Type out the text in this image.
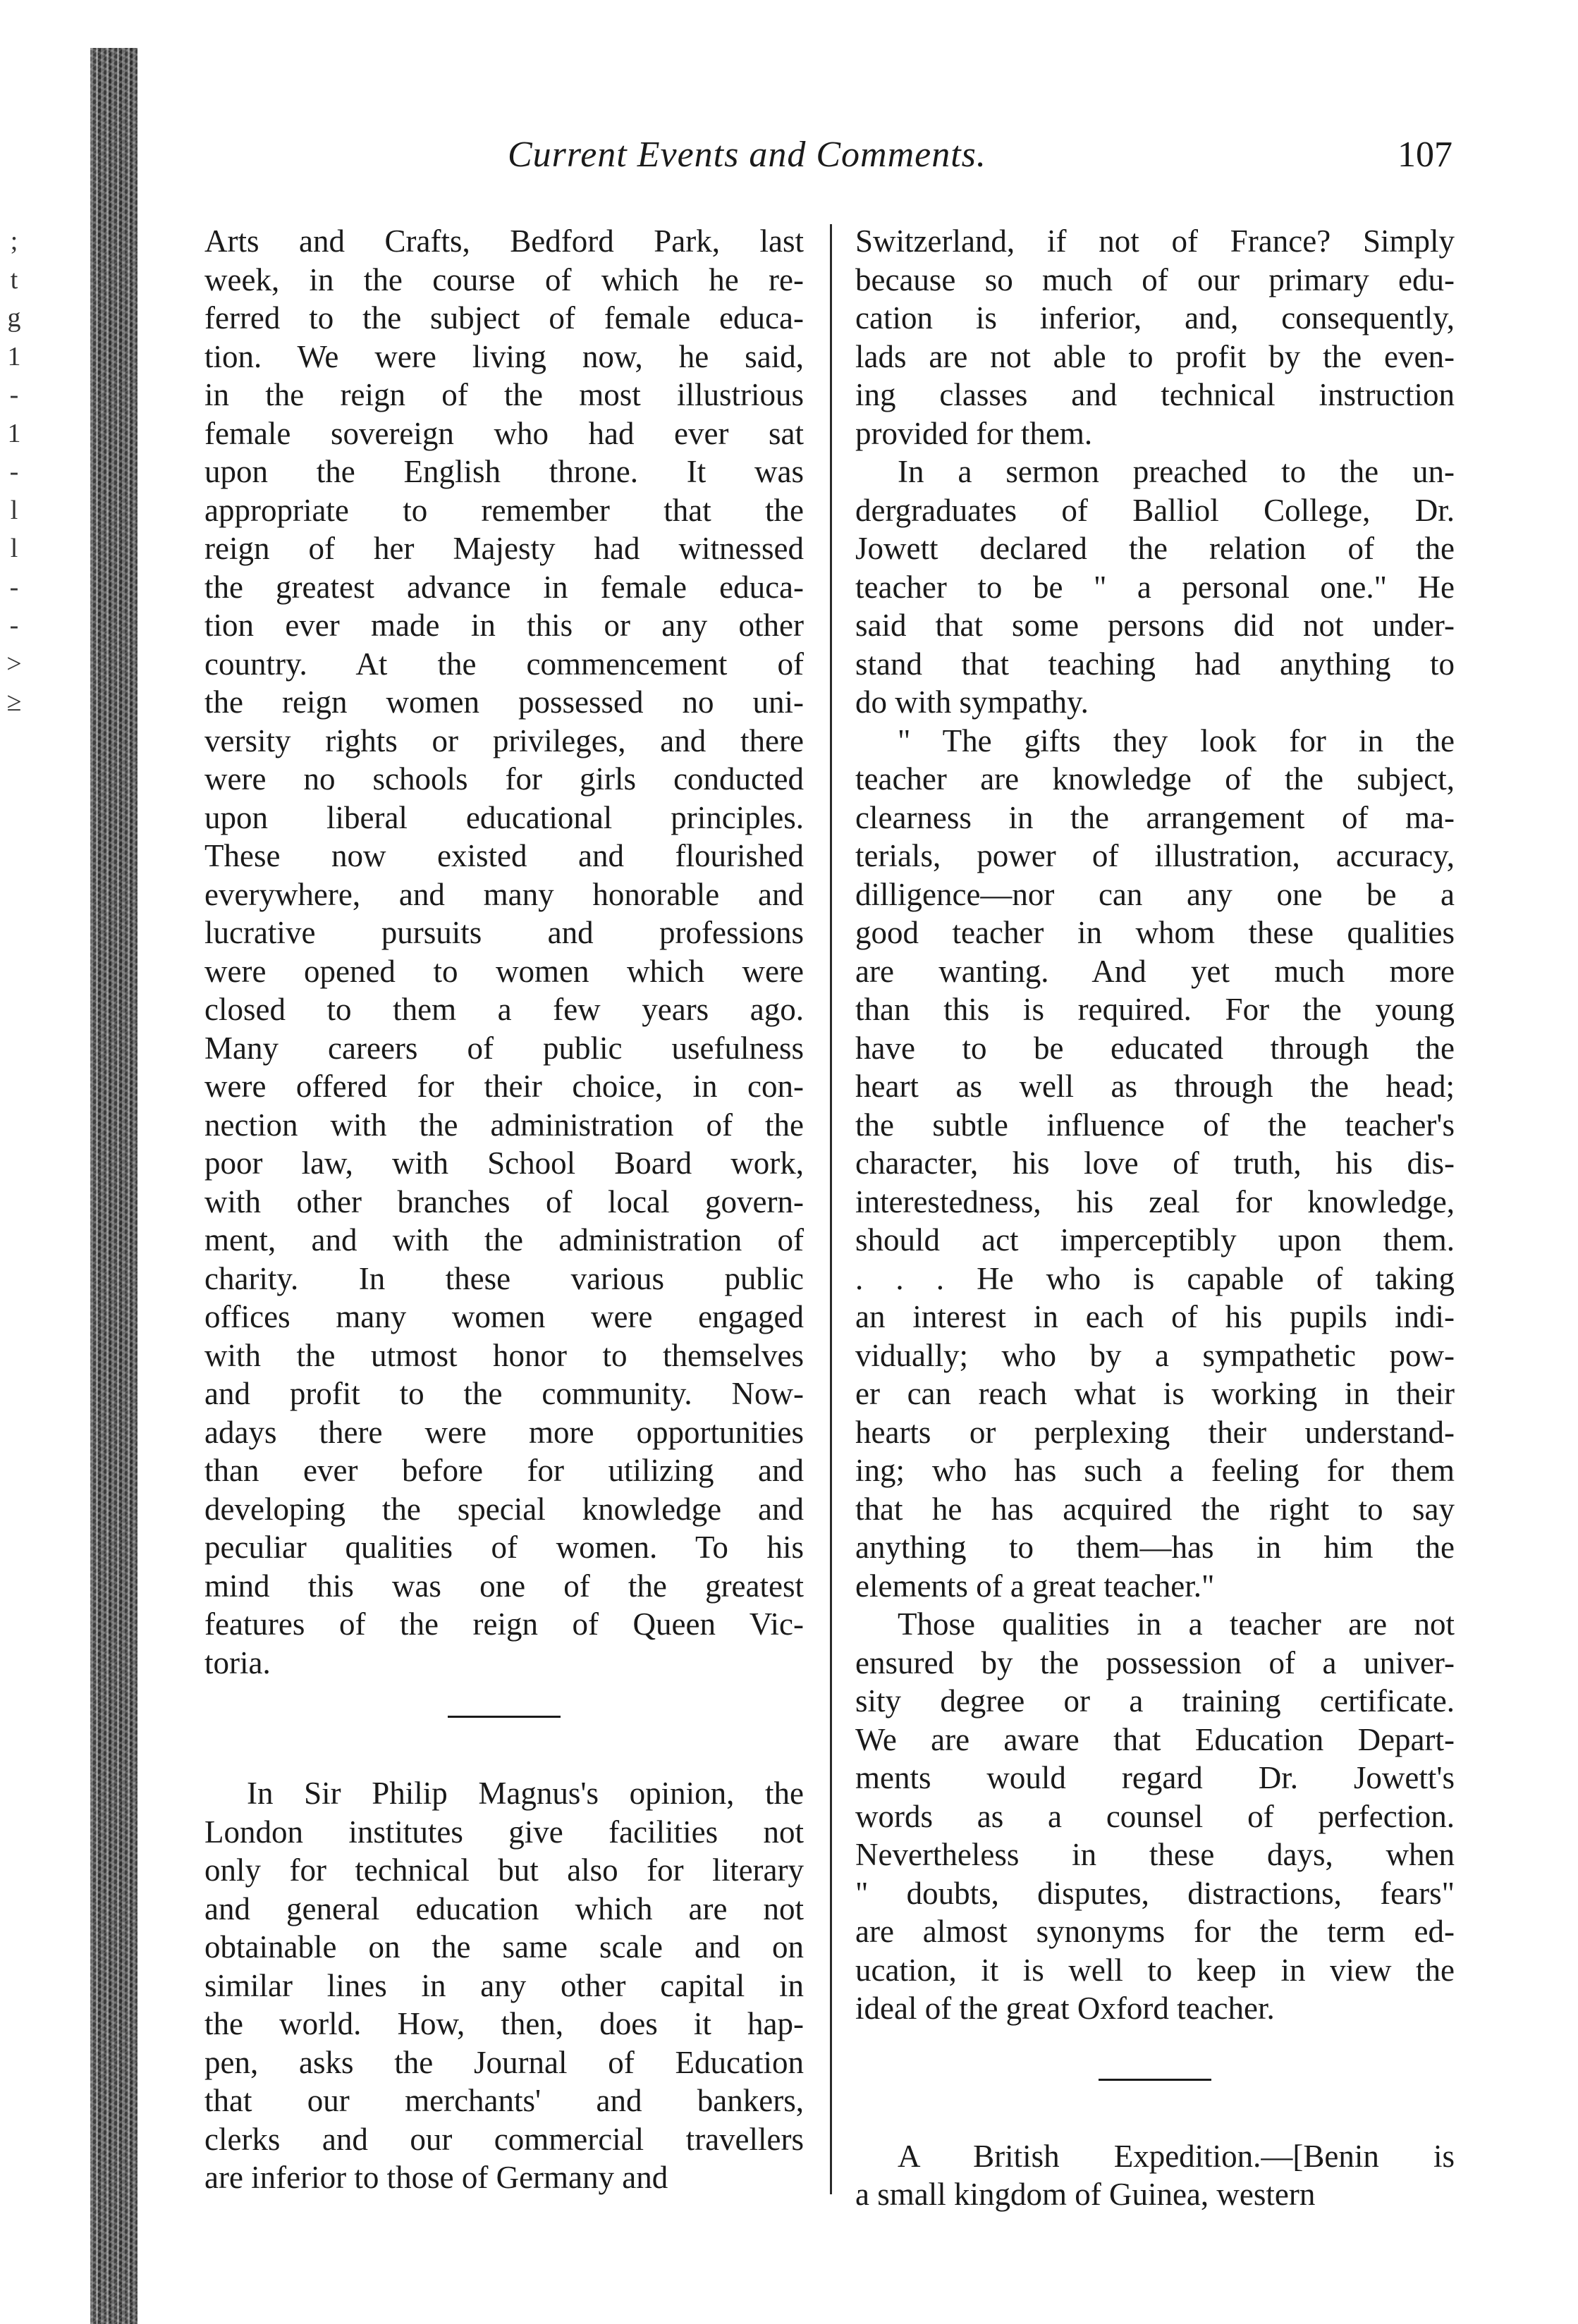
;
t
g
1
-
1
-
l
l
-
-
>
≥
Current Events and Comments.	107

Arts and Crafts, Bedford Park, last

week, in the course of which he re-

ferred to the subject of female educa-

tion. We were living now, he said,

in the reign of the most illustrious

female sovereign who had ever sat

upon the English throne. It was

appropriate to remember that the

reign of her Majesty had witnessed

the greatest advance in female educa-

tion ever made in this or any other

country. At the commencement of

the reign women possessed no uni-

versity rights or privileges, and there

were no schools for girls conducted

upon liberal educational principles.

These now existed and flourished

everywhere, and many honorable and

lucrative pursuits and professions

were opened to women which were

closed to them a few years ago.

Many careers of public usefulness

were offered for their choice, in con-

nection with the administration of the

poor law, with School Board work,

with other branches of local govern-

ment, and with the administration of

charity. In these various public

offices many women were engaged

with the utmost honor to themselves

and profit to the community. Now-

adays there were more opportunities

than ever before for utilizing and

developing the special knowledge and

peculiar qualities of women. To his

mind this was one of the greatest

features of the reign of Queen Vic-

toria.

In Sir Philip Magnus's opinion, the

London institutes give facilities not

only for technical but also for literary

and general education which are not

obtainable on the same scale and on

similar lines in any other capital in

the world. How, then, does it hap-

pen, asks the Journal of Education

that our merchants' and bankers,

clerks and our commercial travellers

are inferior to those of Germany and

Switzerland, if not of France? Simply

because so much of our primary edu-

cation is inferior, and, consequently,

lads are not able to profit by the even-

ing classes and technical instruction

provided for them.

In a sermon preached to the un-

dergraduates of Balliol College, Dr.

Jowett declared the relation of the

teacher to be " a personal one." He

said that some persons did not under-

stand that teaching had anything to

do with sympathy.

" The gifts they look for in the

teacher are knowledge of the subject,

clearness in the arrangement of ma-

terials, power of illustration, accuracy,

dilligence—nor can any one be a

good teacher in whom these qualities

are wanting. And yet much more

than this is required. For the young

have to be educated through the

heart as well as through the head;

the subtle influence of the teacher's

character, his love of truth, his dis-

interestedness, his zeal for knowledge,

should act imperceptibly upon them.

. . . He who is capable of taking

an interest in each of his pupils indi-

vidually; who by a sympathetic pow-

er can reach what is working in their

hearts or perplexing their understand-

ing; who has such a feeling for them

that he has acquired the right to say

anything to them—has in him the

elements of a great teacher."

Those qualities in a teacher are not

ensured by the possession of a univer-

sity degree or a training certificate.

We are aware that Education Depart-

ments would regard Dr. Jowett's

words as a counsel of perfection.

Nevertheless in these days, when

" doubts, disputes, distractions, fears"

are almost synonyms for the term ed-

ucation, it is well to keep in view the

ideal of the great Oxford teacher.

A British Expedition.—[Benin is

a small kingdom of Guinea, western
